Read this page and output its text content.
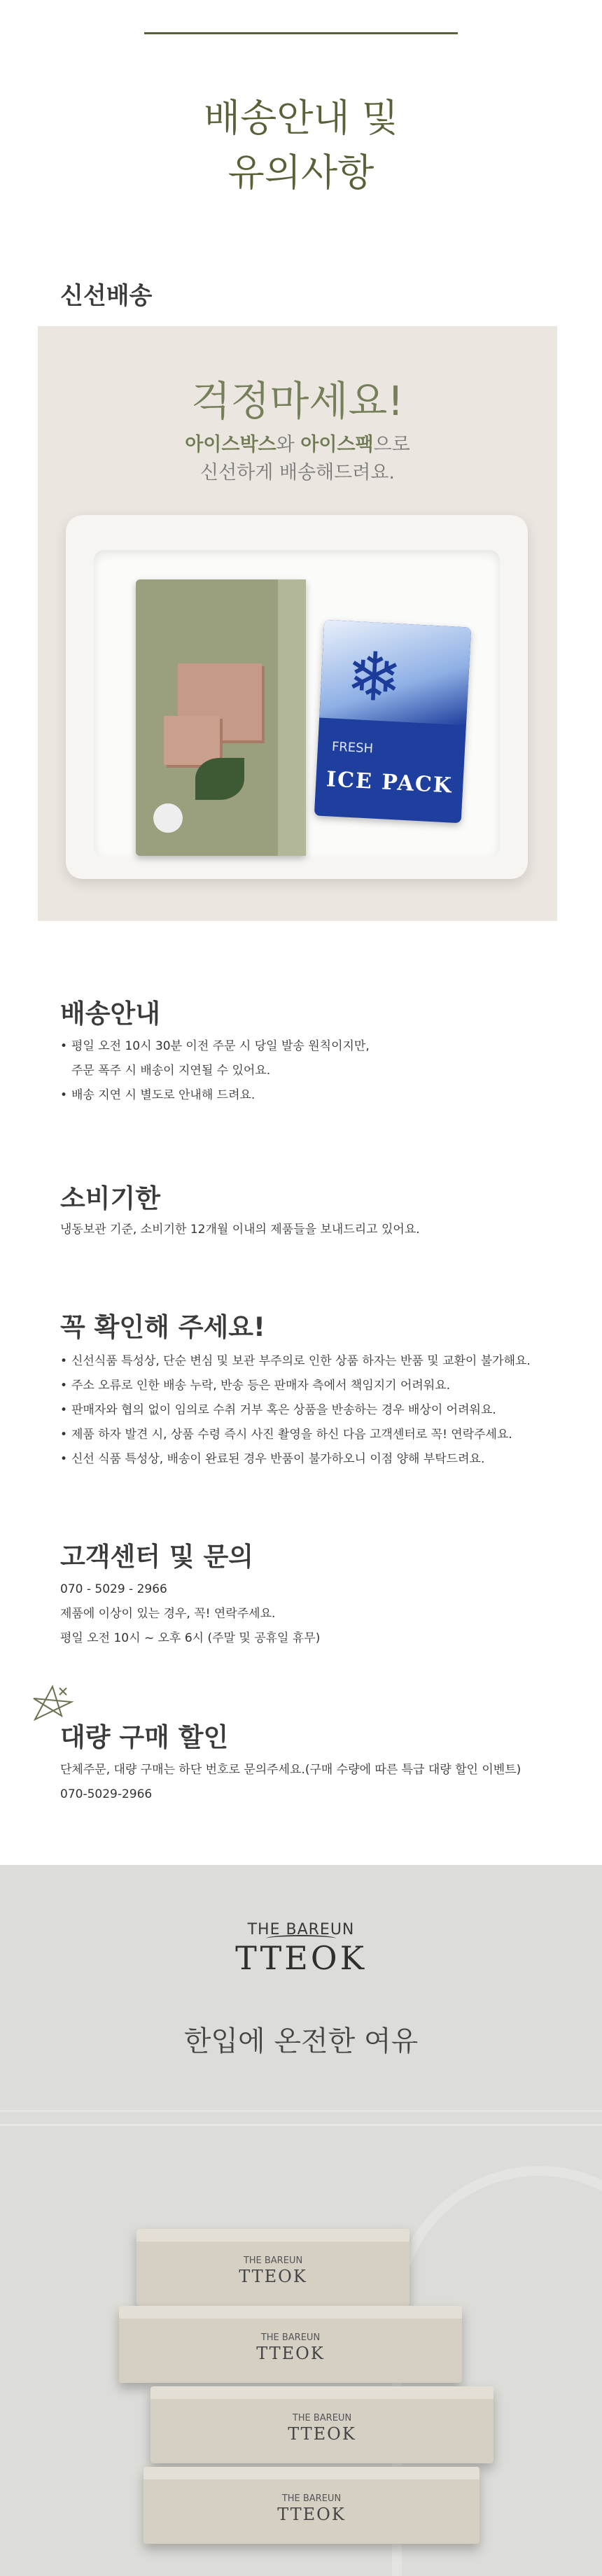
배송안내 및
유의사항
신선배송
걱정마세요!
아이스박스와 아이스팩으로
신선하게 배송해드려요.
❄
FRESH
ICE PACK
배송안내
• 평일 오전 10시 30분 이전 주문 시 당일 발송 원칙이지만,
주문 폭주 시 배송이 지연될 수 있어요.
• 배송 지연 시 별도로 안내해 드려요.
소비기한
냉동보관 기준, 소비기한 12개월 이내의 제품들을 보내드리고 있어요.
꼭 확인해 주세요!
• 신선식품 특성상, 단순 변심 및 보관 부주의로 인한 상품 하자는 반품 및 교환이 불가해요.
• 주소 오류로 인한 배송 누락, 반송 등은 판매자 측에서 책임지기 어려워요.
• 판매자와 협의 없이 임의로 수취 거부 혹은 상품을 반송하는 경우 배상이 어려워요.
• 제품 하자 발견 시, 상품 수령 즉시 사진 촬영을 하신 다음 고객센터로 꼭! 연락주세요.
• 신선 식품 특성상, 배송이 완료된 경우 반품이 불가하오니 이점 양해 부탁드려요.
고객센터 및 문의
070 - 5029 - 2966
제품에 이상이 있는 경우, 꼭! 연락주세요.
평일 오전 10시 ~ 오후 6시 (주말 및 공휴일 휴무)
대량 구매 할인
단체주문, 대량 구매는 하단 번호로 문의주세요.(구매 수량에 따른 특급 대량 할인 이벤트)
070-5029-2966
THE BAREUN
TTEOK
한입에 온전한 여유
THE BAREUN
TTEOK
THE BAREUN
TTEOK
THE BAREUN
TTEOK
THE BAREUN
TTEOK
